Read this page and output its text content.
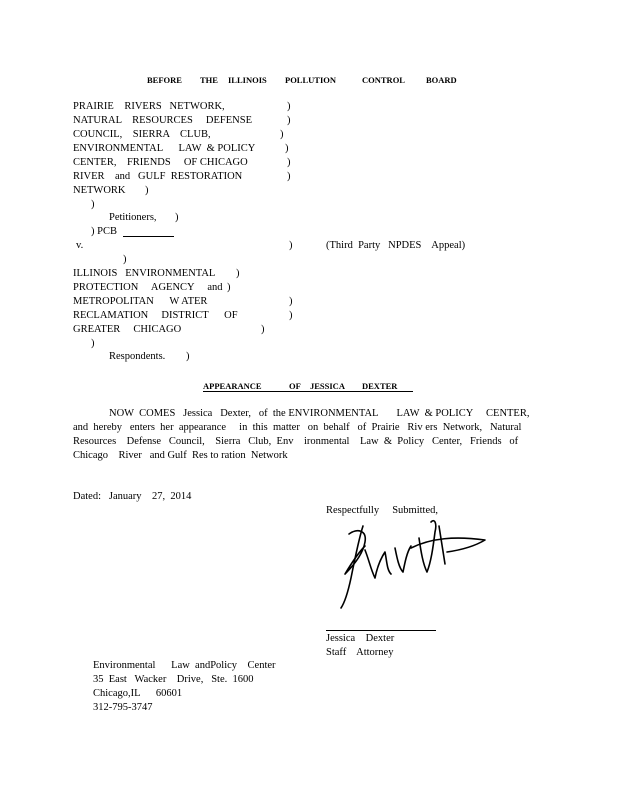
BEFORE THE ILLINOIS POLLUTION	CONTROL BOARD
PRAIRIE    RIVERS   NETWORK,
NATURAL    RESOURCES     DEFENSE
COUNCIL,    SIERRA    CLUB,
ENVIRONMENTAL      LAW  & POLICY
CENTER,    FRIENDS     OF CHICAGO
RIVER    and   GULF  RESTORATION
NETWORK
)
)
)
)
)
)
)
)
Petitioners, )
) PCB
v.	)	(Third  Party   NPDES    Appeal)
)
ILLINOIS   ENVIRONMENTAL
PROTECTION     AGENCY     and
METROPOLITAN      W ATER
RECLAMATION     DISTRICT      OF
GREATER     CHICAGO
)
)
)
)
)
)
Respondents. )
APPEARANCE	OF JESSICA DEXTER
NOW  COMES   Jessica   Dexter,   of  the ENVIRONMENTAL       LAW  & POLICY     CENTER,
and  hereby   enters  her  appearance     in  this  matter   on  behalf   of  Prairie   Riv ers  Network,   Natural
Resources    Defense   Council,    Sierra   Club,  Env    ironmental    Law  &  Policy   Center,   Friends   of
Chicago    River   and Gulf  Res to ration  Network
Dated:   January    27,  2014
Respectfully     Submitted,
Jessica    Dexter
Staff    Attorney
Environmental      Law  andPolicy    Center
35  East   Wacker    Drive,   Ste.  1600
Chicago,IL      60601
312-795-3747
